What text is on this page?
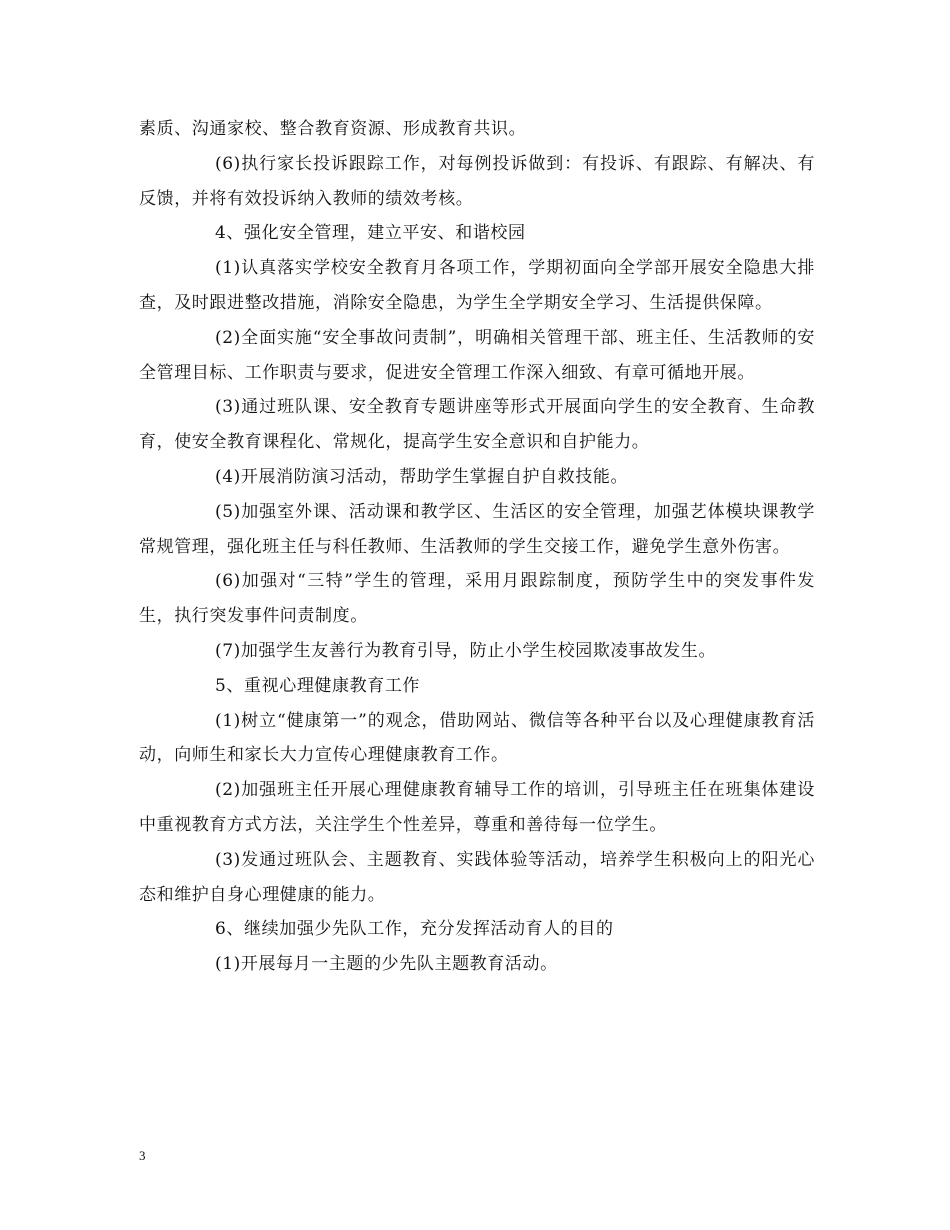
素质、沟通家校、整合教育资源、形成教育共识。

(6)执行家长投诉跟踪工作，对每例投诉做到：有投诉、有跟踪、有解决、有反馈，并将有效投诉纳入教师的绩效考核。

4、强化安全管理，建立平安、和谐校园

(1)认真落实学校安全教育月各项工作，学期初面向全学部开展安全隐患大排查，及时跟进整改措施，消除安全隐患，为学生全学期安全学习、生活提供保障。

(2)全面实施“安全事故问责制”，明确相关管理干部、班主任、生活教师的安全管理目标、工作职责与要求，促进安全管理工作深入细致、有章可循地开展。

(3)通过班队课、安全教育专题讲座等形式开展面向学生的安全教育、生命教育，使安全教育课程化、常规化，提高学生安全意识和自护能力。

(4)开展消防演习活动，帮助学生掌握自护自救技能。

(5)加强室外课、活动课和教学区、生活区的安全管理，加强艺体模块课教学常规管理，强化班主任与科任教师、生活教师的学生交接工作，避免学生意外伤害。

(6)加强对“三特”学生的管理，采用月跟踪制度，预防学生中的突发事件发生，执行突发事件问责制度。

(7)加强学生友善行为教育引导，防止小学生校园欺凌事故发生。

5、重视心理健康教育工作

(1)树立“健康第一”的观念，借助网站、微信等各种平台以及心理健康教育活动，向师生和家长大力宣传心理健康教育工作。

(2)加强班主任开展心理健康教育辅导工作的培训，引导班主任在班集体建设中重视教育方式方法，关注学生个性差异，尊重和善待每一位学生。

(3)发通过班队会、主题教育、实践体验等活动，培养学生积极向上的阳光心态和维护自身心理健康的能力。

6、继续加强少先队工作，充分发挥活动育人的目的

(1)开展每月一主题的少先队主题教育活动。

3
